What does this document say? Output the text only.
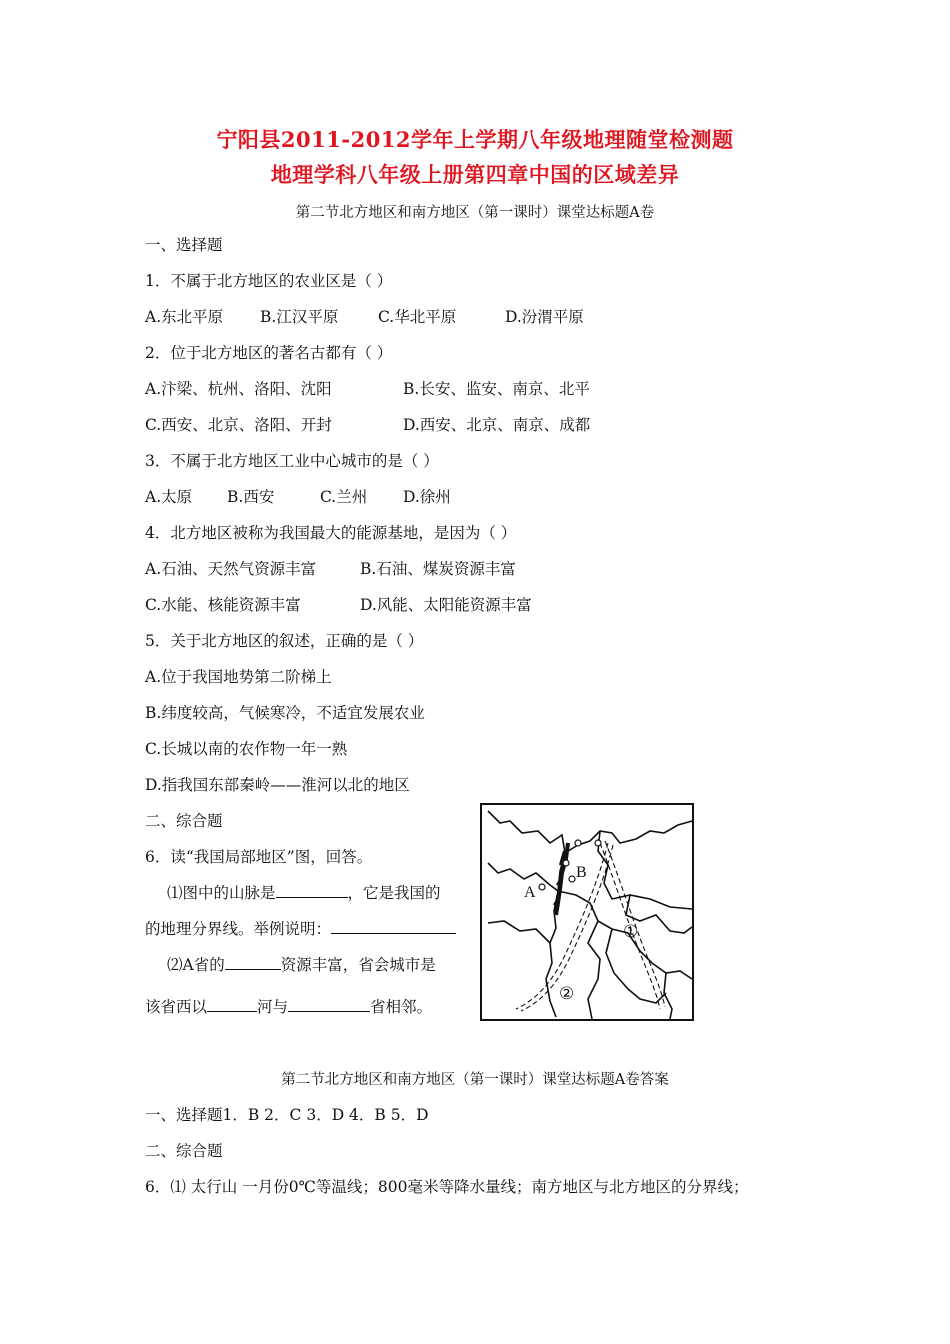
宁阳县2011-2012学年上学期八年级地理随堂检测题
地理学科八年级上册第四章中国的区域差异
第二节北方地区和南方地区（第一课时）课堂达标题A卷
一、选择题
1．不属于北方地区的农业区是（ ）
A.东北平原 B.江汉平原	C.华北平原	D.汾渭平原
2．位于北方地区的著名古都有（ ）
A.汴梁、杭州、洛阳、沈阳	B.长安、监安、南京、北平
C.西安、北京、洛阳、开封	D.西安、北京、南京、成都
3．不属于北方地区工业中心城市的是（ ）
A.太原 B.西安	C.兰州 D.徐州
4．北方地区被称为我国最大的能源基地，是因为（ ）
A.石油、天然气资源丰富	B.石油、煤炭资源丰富
C.水能、核能资源丰富	D.风能、太阳能资源丰富
5．关于北方地区的叙述，正确的是（ ）
A.位于我国地势第二阶梯上
B.纬度较高，气候寒冷，不适宜发展农业
C.长城以南的农作物一年一熟
D.指我国东部秦岭——淮河以北的地区
二、综合题
6．读“我国局部地区”图，回答。
⑴图中的山脉是	，它是我国的
的地理分界线。举例说明：
⑵A省的	资源丰富，省会城市是
该省西以	河与	省相邻。
A
B
①
②
第二节北方地区和南方地区（第一课时）课堂达标题A卷答案
一、选择题1．B 2．C 3．D 4．B 5．D
二、综合题
6．⑴ 太行山 一月份0℃等温线；800毫米等降水量线；南方地区与北方地区的分界线；
